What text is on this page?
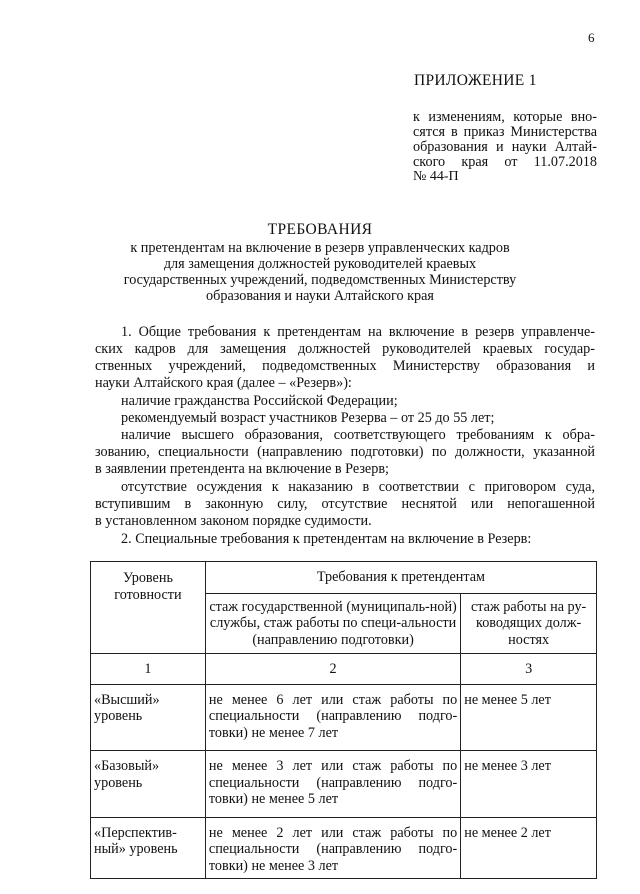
6
ПРИЛОЖЕНИЕ 1
к изменениям, которые вно-
сятся в приказ Министерства
образования и науки Алтай-
ского края от 11.07.2018
№ 44-П
ТРЕБОВАНИЯ
к претендентам на включение в резерв управленческих кадров
для замещения должностей руководителей краевых
государственных учреждений, подведомственных Министерству
образования и науки Алтайского края
1. Общие требования к претендентам на включение в резерв управленче-
ских кадров для замещения должностей руководителей краевых государ-
ственных учреждений, подведомственных Министерству образования и
науки Алтайского края (далее – «Резерв»):
наличие гражданства Российской Федерации;
рекомендуемый возраст участников Резерва – от 25 до 55 лет;
наличие высшего образования, соответствующего требованиям к обра-
зованию, специальности (направлению подготовки) по должности, указанной
в заявлении претендента на включение в Резерв;
отсутствие осуждения к наказанию в соответствии с приговором суда,
вступившим в законную силу, отсутствие неснятой или непогашенной
в установленном законом порядке судимости.
2. Специальные требования к претендентам на включение в Резерв:
Уровень готовности	Требования к претендентам	
	стаж государственной (муниципаль-ной) службы, стаж работы по специ-альности (направлению подготовки)	стаж работы на ру-ководящих долж-ностях
1	2	3
«Высший» уровень	не менее 6 лет или стаж работы по специальности (направлению подго-товки) не менее 7 лет	не менее 5 лет
«Базовый» уровень	не менее 3 лет или стаж работы по специальности (направлению подго-товки) не менее 5 лет	не менее 3 лет
«Перспектив-ный» уровень	не менее 2 лет или стаж работы по специальности (направлению подго-товки) не менее 3 лет	не менее 2 лет
